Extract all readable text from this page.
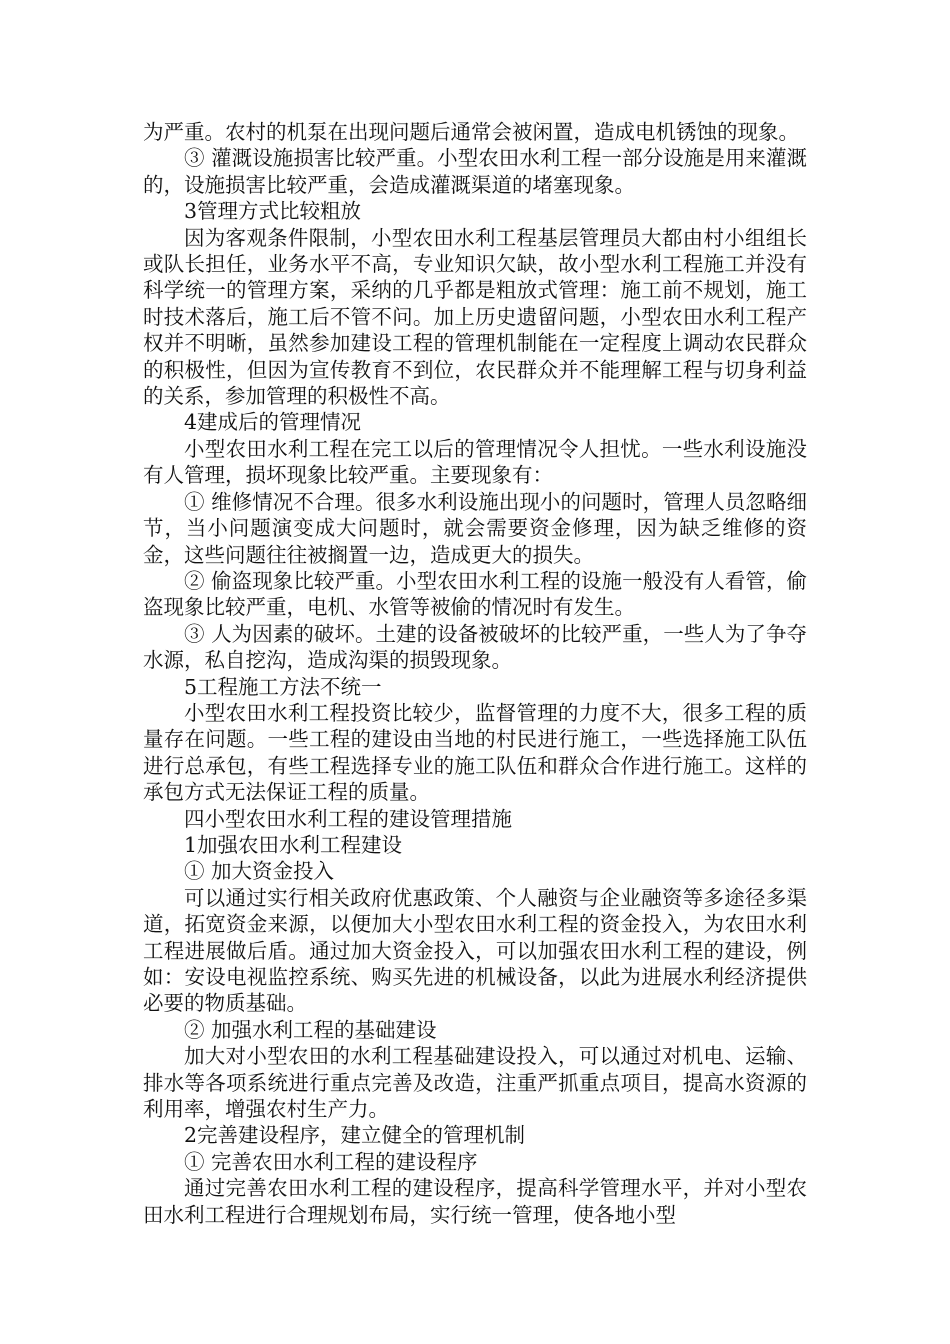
为严重。农村的机泵在出现问题后通常会被闲置，造成电机锈蚀的现象。

③ 灌溉设施损害比较严重。小型农田水利工程一部分设施是用来灌溉的，设施损害比较严重，会造成灌溉渠道的堵塞现象。

3管理方式比较粗放

因为客观条件限制，小型农田水利工程基层管理员大都由村小组组长或队长担任，业务水平不高，专业知识欠缺，故小型水利工程施工并没有科学统一的管理方案，采纳的几乎都是粗放式管理：施工前不规划，施工时技术落后，施工后不管不问。加上历史遗留问题，小型农田水利工程产权并不明晰，虽然参加建设工程的管理机制能在一定程度上调动农民群众的积极性，但因为宣传教育不到位，农民群众并不能理解工程与切身利益的关系，参加管理的积极性不高。

4建成后的管理情况

小型农田水利工程在完工以后的管理情况令人担忧。一些水利设施没有人管理，损坏现象比较严重。主要现象有：

① 维修情况不合理。很多水利设施出现小的问题时，管理人员忽略细节，当小问题演变成大问题时，就会需要资金修理，因为缺乏维修的资金，这些问题往往被搁置一边，造成更大的损失。

② 偷盗现象比较严重。小型农田水利工程的设施一般没有人看管，偷盗现象比较严重，电机、水管等被偷的情况时有发生。

③ 人为因素的破坏。土建的设备被破坏的比较严重，一些人为了争夺水源，私自挖沟，造成沟渠的损毁现象。

5工程施工方法不统一

小型农田水利工程投资比较少，监督管理的力度不大，很多工程的质量存在问题。一些工程的建设由当地的村民进行施工，一些选择施工队伍进行总承包，有些工程选择专业的施工队伍和群众合作进行施工。这样的承包方式无法保证工程的质量。

四小型农田水利工程的建设管理措施

1加强农田水利工程建设

① 加大资金投入

可以通过实行相关政府优惠政策、个人融资与企业融资等多途径多渠道，拓宽资金来源，以便加大小型农田水利工程的资金投入，为农田水利工程进展做后盾。通过加大资金投入，可以加强农田水利工程的建设，例如：安设电视监控系统、购买先进的机械设备，以此为进展水利经济提供必要的物质基础。

② 加强水利工程的基础建设

加大对小型农田的水利工程基础建设投入，可以通过对机电、运输、排水等各项系统进行重点完善及改造，注重严抓重点项目，提高水资源的利用率，增强农村生产力。

2完善建设程序，建立健全的管理机制

① 完善农田水利工程的建设程序

通过完善农田水利工程的建设程序，提高科学管理水平，并对小型农田水利工程进行合理规划布局，实行统一管理，使各地小型
